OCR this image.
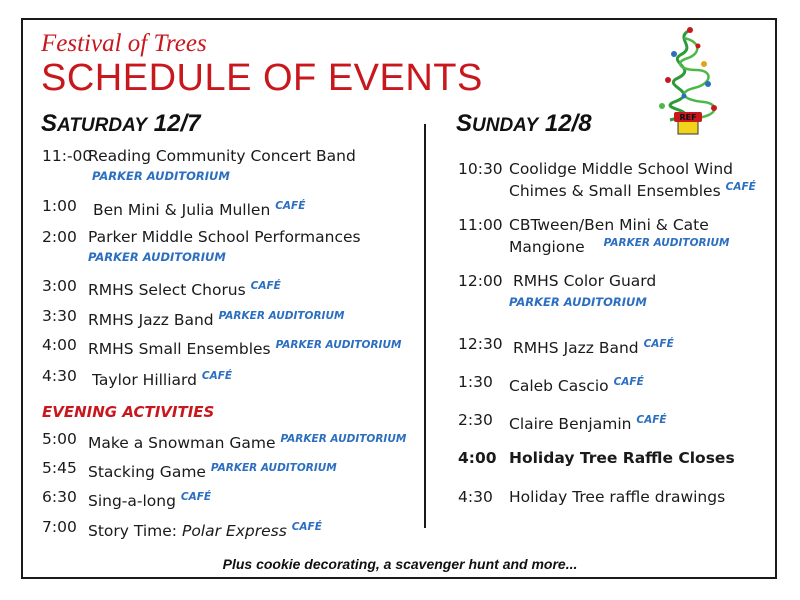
Festival of Trees
SCHEDULE OF EVENTS
REF
SATURDAY 12/7	SUNDAY 12/8
11:-00
Reading Community Concert Band
PARKER AUDITORIUM
1:00 Ben Mini & Julia Mullen $^{CAFÉ}$
2:00 Parker Middle School Performances
PARKER AUDITORIUM
3:00 RMHS Select Chorus $^{CAFÉ}$
3:30 RMHS Jazz Band $^{PARKER AUDITORIUM}$
4:00 RMHS Small Ensembles $^{PARKER AUDITORIUM}$
4:30 Taylor Hilliard $^{CAFÉ}$
EVENING ACTIVITIES
5:00 Make a Snowman Game $^{PARKER AUDITORIUM}$
5:45 Stacking Game $^{PARKER AUDITORIUM}$
6:30 Sing-a-long $^{CAFÉ}$
7:00 Story Time: Polar Express $^{CAFÉ}$
10:30 Coolidge Middle School Wind
Chimes & Small Ensembles $^{CAFÉ}$
11:00 CBTween/Ben Mini & Cate
Mangione $^{PARKER AUDITORIUM}$
12:00 RMHS Color Guard
PARKER AUDITORIUM
12:30 RMHS Jazz Band $^{CAFÉ}$
1:30 Caleb Cascio $^{CAFÉ}$
2:30 Claire Benjamin $^{CAFÉ}$
4:00 Holiday Tree Raffle Closes
4:30 Holiday Tree raffle drawings
Plus cookie decorating, a scavenger hunt and more...
